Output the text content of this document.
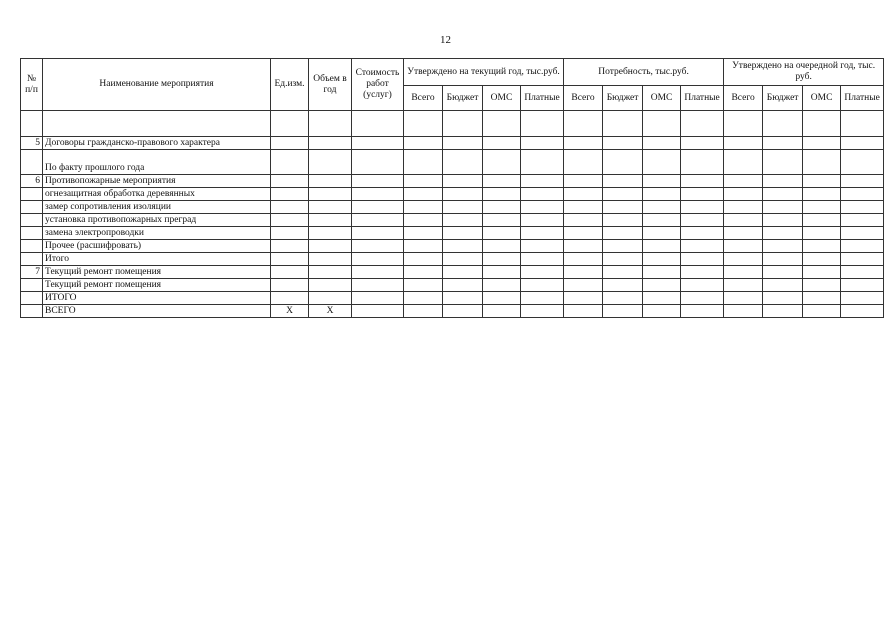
12
№ п/п	Наименование мероприятия	Ед.изм.	Объем в год	Стоимость работ (услуг)	Утверждено на текущий год, тыс.руб.				Потребность, тыс.руб.				Утверждено на очередной год, тыс. руб.			
					Всего	Бюджет	ОМС	Платные	Всего	Бюджет	ОМС	Платные	Всего	Бюджет	ОМС	Платные

5	Договоры гражданско-правового характера															
	По факту прошлого года															
6	Противопожарные мероприятия															
	огнезащитная обработка деревянных															
	замер сопротивления изоляции															
	установка противопожарных преград															
	замена электропроводки															
	Прочее (расшифровать)															
	Итого															
7	Текущий ремонт помещения															
	Текущий ремонт помещения															
	ИТОГО															
	ВСЕГО	X	X													
